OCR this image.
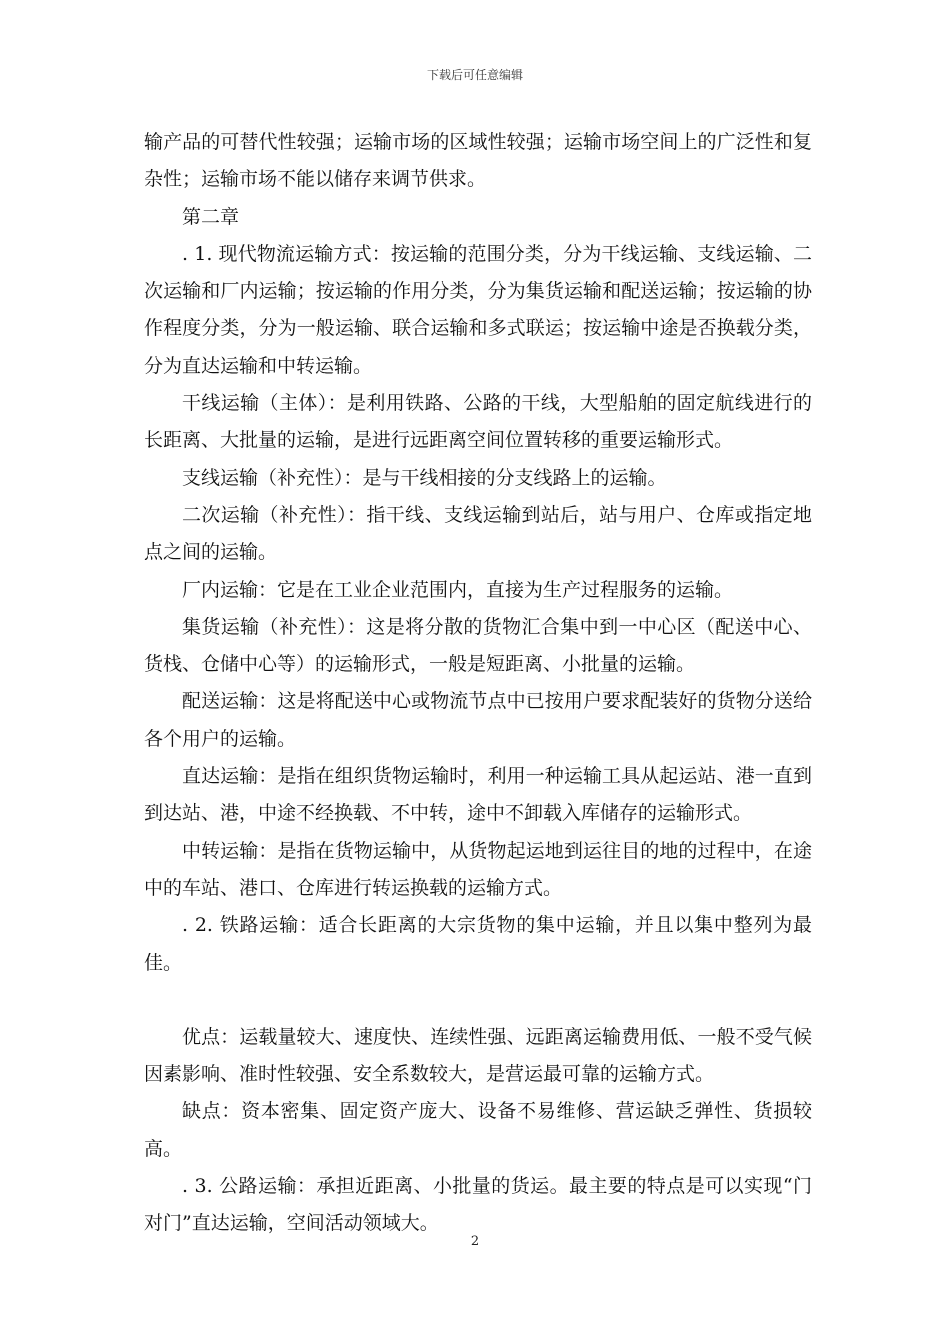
下载后可任意编辑

输产品的可替代性较强；运输市场的区域性较强；运输市场空间上的广泛性和复杂性；运输市场不能以储存来调节供求。

第二章

. 1. 现代物流运输方式：按运输的范围分类，分为干线运输、支线运输、二次运输和厂内运输；按运输的作用分类，分为集货运输和配送运输；按运输的协作程度分类，分为一般运输、联合运输和多式联运；按运输中途是否换载分类，分为直达运输和中转运输。

干线运输（主体）：是利用铁路、公路的干线，大型船舶的固定航线进行的长距离、大批量的运输，是进行远距离空间位置转移的重要运输形式。

支线运输（补充性）：是与干线相接的分支线路上的运输。

二次运输（补充性）：指干线、支线运输到站后，站与用户、仓库或指定地点之间的运输。

厂内运输：它是在工业企业范围内，直接为生产过程服务的运输。

集货运输（补充性）：这是将分散的货物汇合集中到一中心区（配送中心、货栈、仓储中心等）的运输形式，一般是短距离、小批量的运输。

配送运输：这是将配送中心或物流节点中已按用户要求配装好的货物分送给各个用户的运输。

直达运输：是指在组织货物运输时，利用一种运输工具从起运站、港一直到到达站、港，中途不经换载、不中转，途中不卸载入库储存的运输形式。

中转运输：是指在货物运输中，从货物起运地到运往目的地的过程中，在途中的车站、港口、仓库进行转运换载的运输方式。

. 2. 铁路运输：适合长距离的大宗货物的集中运输，并且以集中整列为最佳。

优点：运载量较大、速度快、连续性强、远距离运输费用低、一般不受气候因素影响、准时性较强、安全系数较大，是营运最可靠的运输方式。

缺点：资本密集、固定资产庞大、设备不易维修、营运缺乏弹性、货损较高。

. 3. 公路运输：承担近距离、小批量的货运。最主要的特点是可以实现“门对门”直达运输，空间活动领域大。

2
